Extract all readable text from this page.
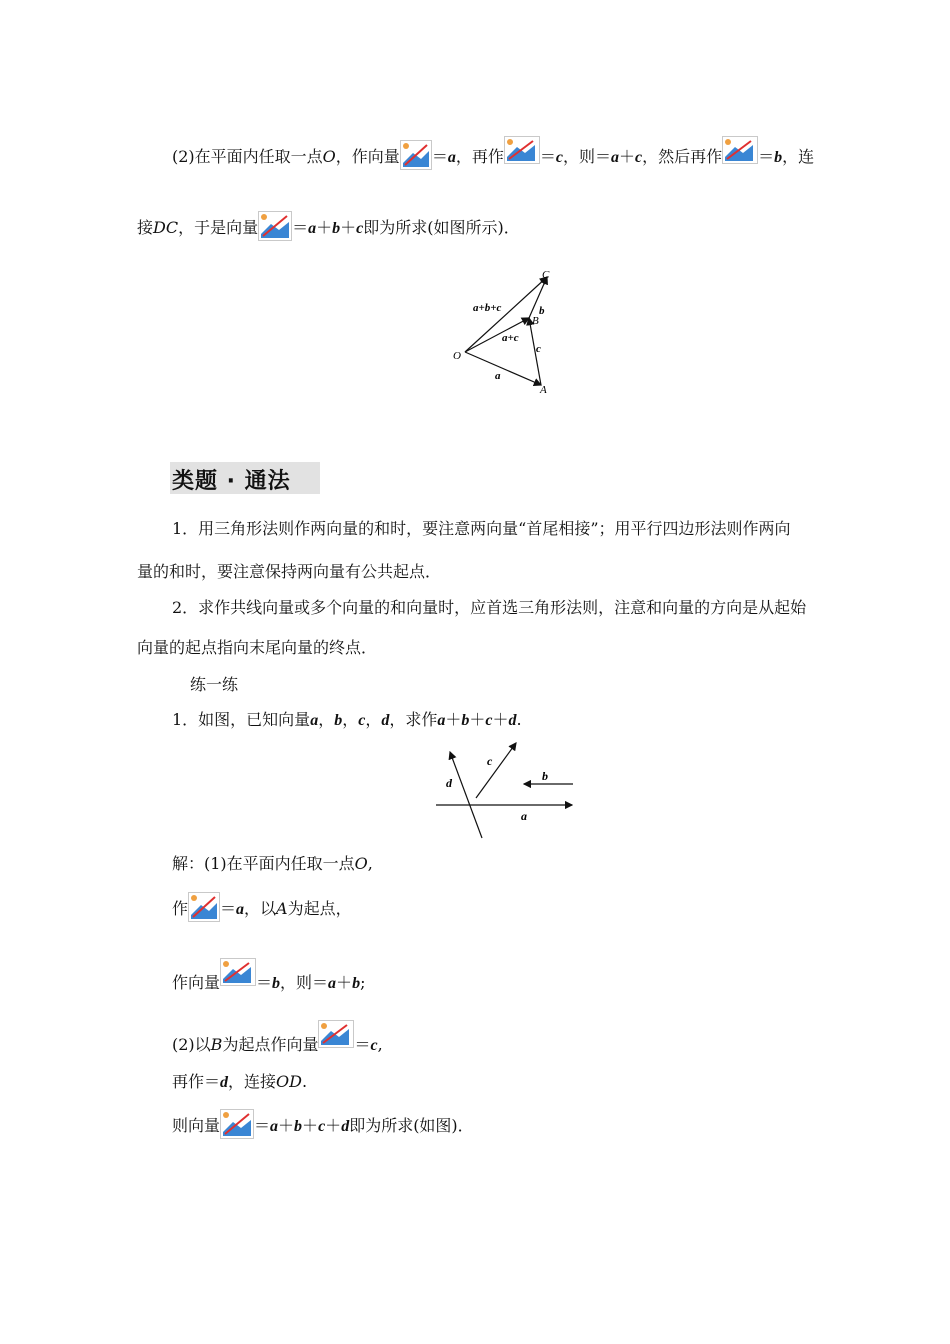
(2)在平面内任取一点O，作向量 ＝a，再作 ＝c，则＝a＋c，然后再作 ＝b，连
接DC，于是向量 ＝a＋b＋c即为所求(如图所示)．
C
B
O
A
a+b+c
a+c
b
c
a
类题 · 通法
1．用三角形法则作两向量的和时，要注意两向量“首尾相接”；用平行四边形法则作两向
量的和时，要注意保持两向量有公共起点．
2．求作共线向量或多个向量的和向量时，应首选三角形法则，注意和向量的方向是从起始
向量的起点指向末尾向量的终点．
练一练
1．如图，已知向量a，b，c，d，求作a＋b＋c＋d.
d
c
b
a
解：(1)在平面内任取一点O,
作 ＝a，以A为起点，
作向量 ＝b，则＝a＋b;
(2)以B为起点作向量 ＝c,
再作＝d，连接OD.
则向量 ＝a＋b＋c＋d即为所求(如图)．
